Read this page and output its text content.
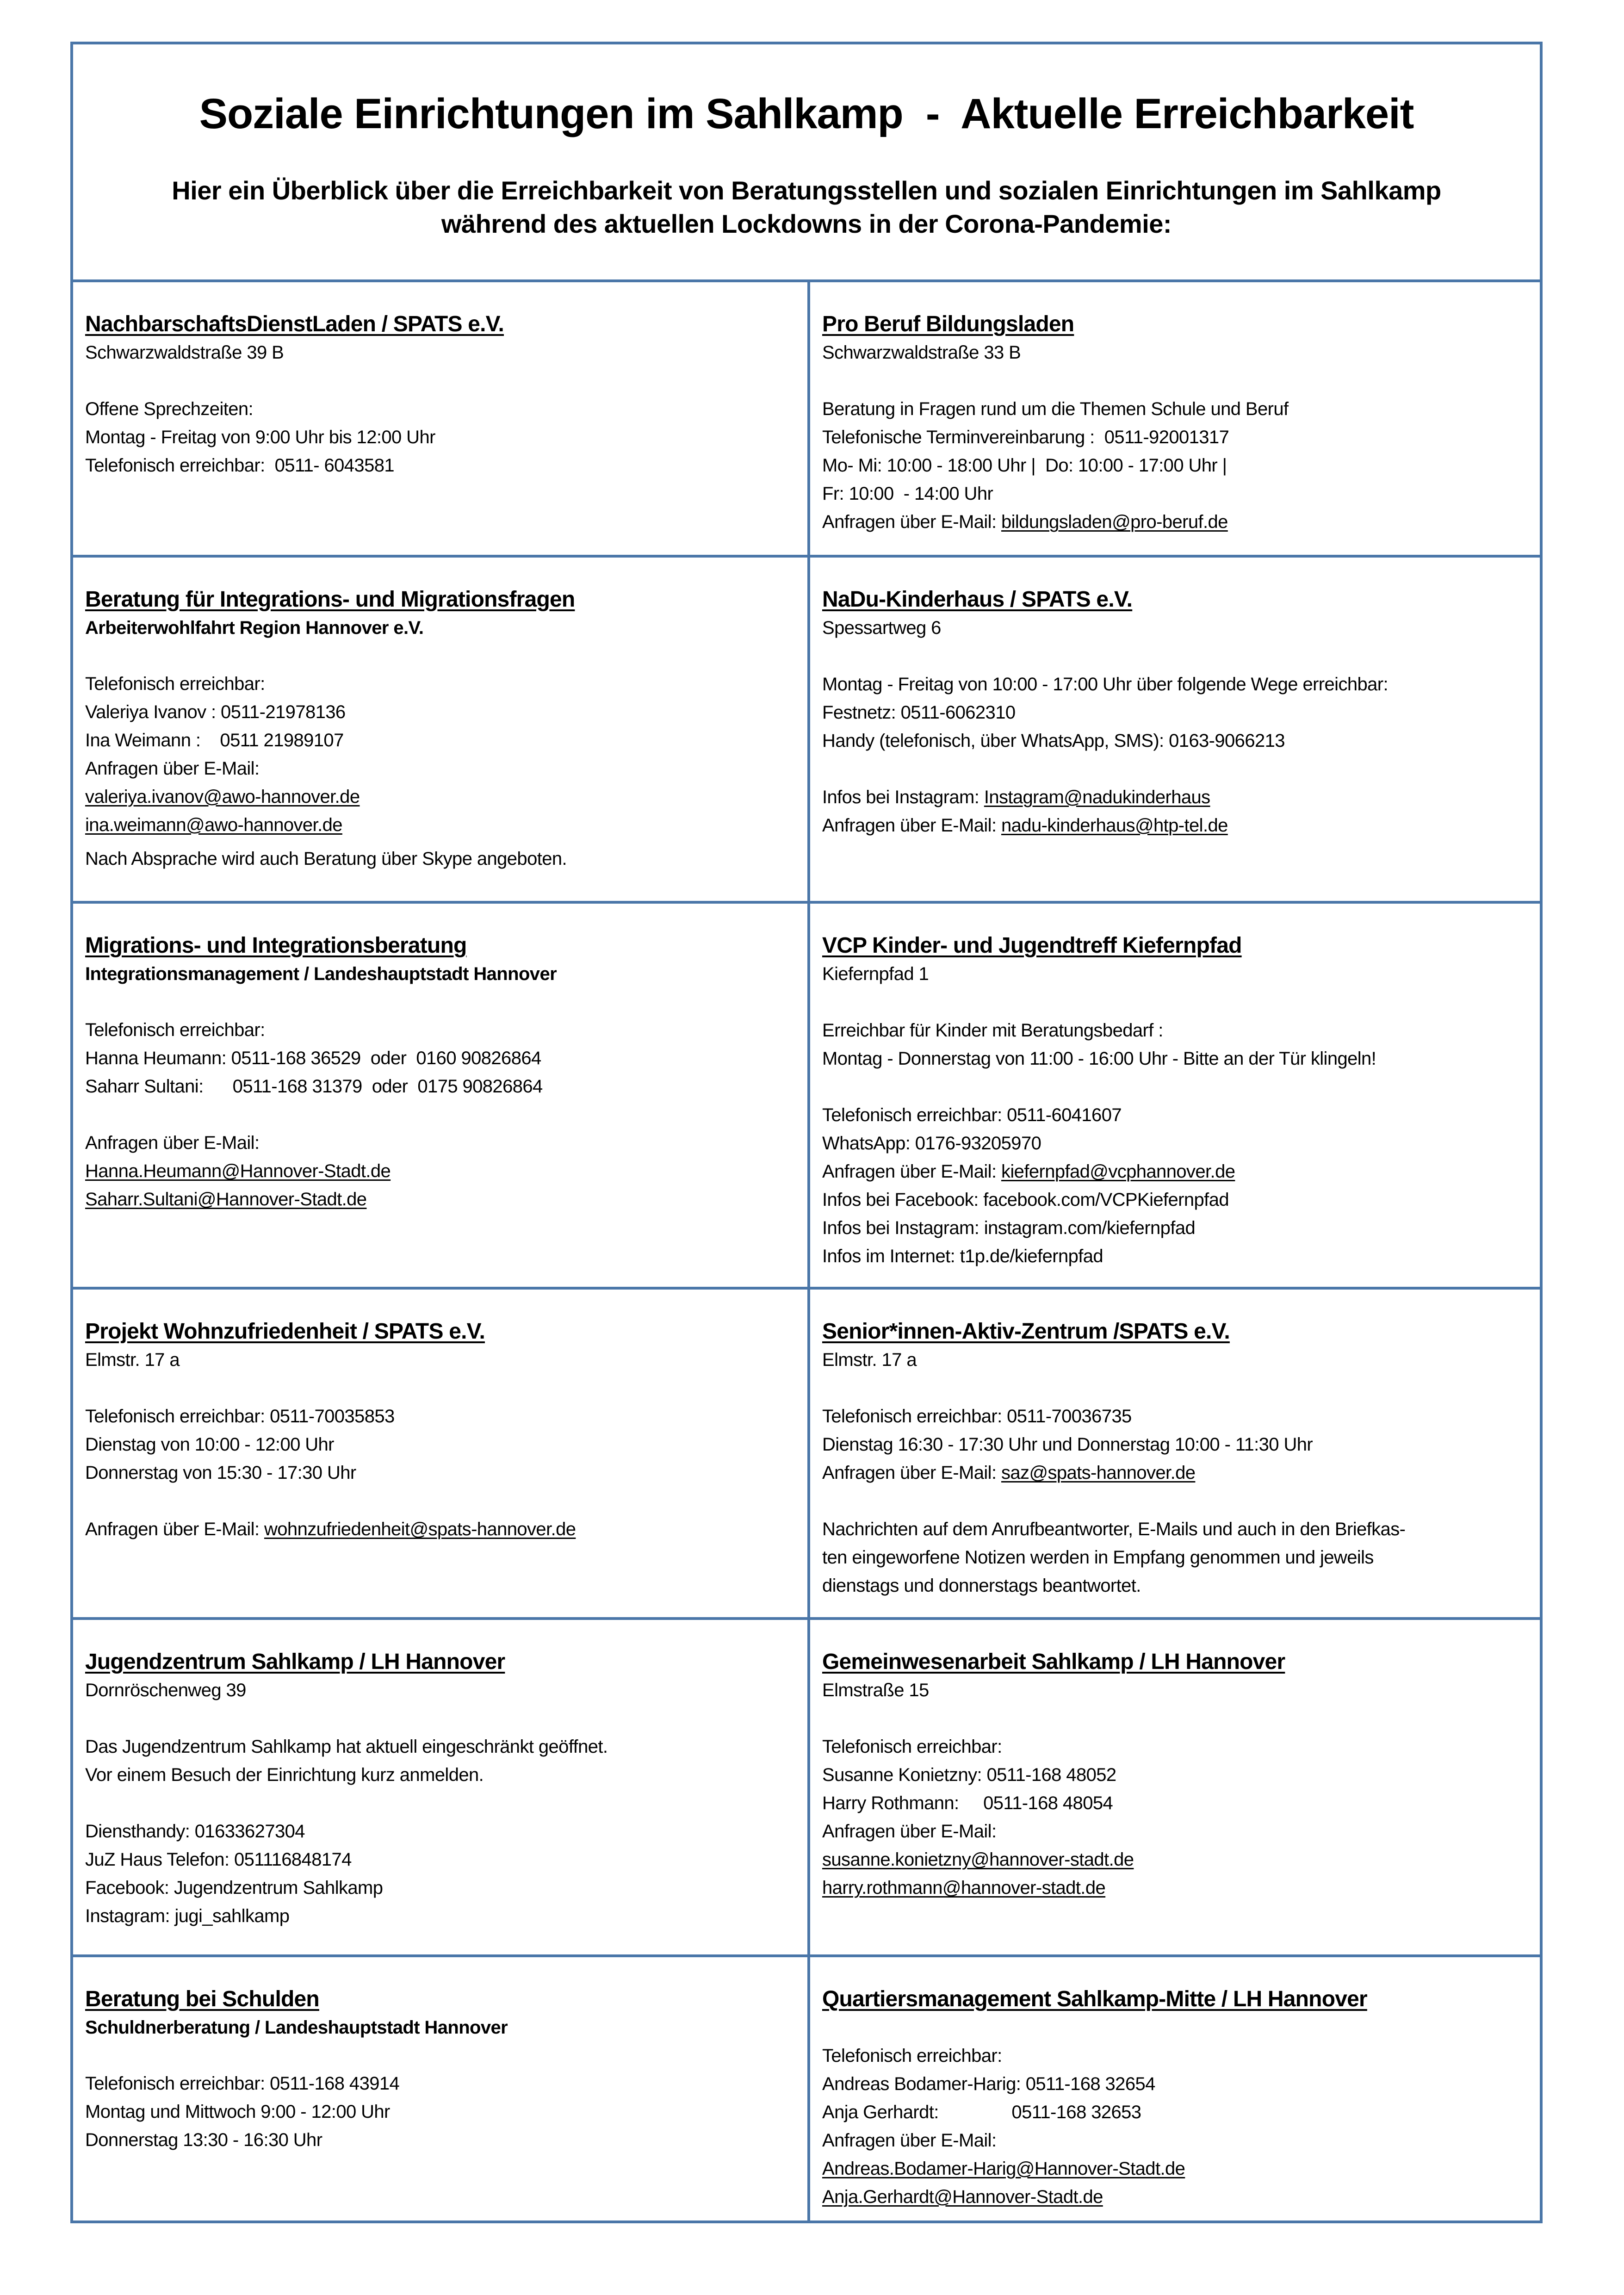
Soziale Einrichtungen im Sahlkamp  -  Aktuelle Erreichbarkeit
Hier ein Überblick über die Erreichbarkeit von Beratungsstellen und sozialen Einrichtungen im Sahlkamp
während des aktuellen Lockdowns in der Corona-Pandemie:
NachbarschaftsDienstLaden / SPATS e.V.
Schwarzwaldstraße 39 B
Offene Sprechzeiten:
Montag - Freitag von 9:00 Uhr bis 12:00 Uhr
Telefonisch erreichbar:  0511- 6043581
Pro Beruf Bildungsladen
Schwarzwaldstraße 33 B
Beratung in Fragen rund um die Themen Schule und Beruf
Telefonische Terminvereinbarung :  0511-92001317
Mo- Mi: 10:00 - 18:00 Uhr |  Do: 10:00 - 17:00 Uhr |
Fr: 10:00  - 14:00 Uhr
Anfragen über E-Mail: bildungsladen@pro-beruf.de
Beratung für Integrations- und Migrationsfragen
Arbeiterwohlfahrt Region Hannover e.V.
Telefonisch erreichbar:
Valeriya Ivanov : 0511-21978136
Ina Weimann :    0511 21989107
Anfragen über E-Mail:
valeriya.ivanov@awo-hannover.de
ina.weimann@awo-hannover.de
Nach Absprache wird auch Beratung über Skype angeboten.
NaDu-Kinderhaus / SPATS e.V.
Spessartweg 6
Montag - Freitag von 10:00 - 17:00 Uhr über folgende Wege erreichbar:
Festnetz: 0511-6062310
Handy (telefonisch, über WhatsApp, SMS): 0163-9066213
Infos bei Instagram: Instagram@nadukinderhaus
Anfragen über E-Mail: nadu-kinderhaus@htp-tel.de
Migrations- und Integrationsberatung
Integrationsmanagement / Landeshauptstadt Hannover
Telefonisch erreichbar:
Hanna Heumann: 0511-168 36529  oder  0160 90826864
Saharr Sultani:      0511-168 31379  oder  0175 90826864
Anfragen über E-Mail:
Hanna.Heumann@Hannover-Stadt.de
Saharr.Sultani@Hannover-Stadt.de
VCP Kinder- und Jugendtreff Kiefernpfad
Kiefernpfad 1
Erreichbar für Kinder mit Beratungsbedarf :
Montag - Donnerstag von 11:00 - 16:00 Uhr - Bitte an der Tür klingeln!
Telefonisch erreichbar: 0511-6041607
WhatsApp: 0176-93205970
Anfragen über E-Mail: kiefernpfad@vcphannover.de
Infos bei Facebook: facebook.com/VCPKiefernpfad
Infos bei Instagram: instagram.com/kiefernpfad
Infos im Internet: t1p.de/kiefernpfad
Projekt Wohnzufriedenheit / SPATS e.V.
Elmstr. 17 a
Telefonisch erreichbar: 0511-70035853
Dienstag von 10:00 - 12:00 Uhr
Donnerstag von 15:30 - 17:30 Uhr
Anfragen über E-Mail: wohnzufriedenheit@spats-hannover.de
Senior*innen-Aktiv-Zentrum /SPATS e.V.
Elmstr. 17 a
Telefonisch erreichbar: 0511-70036735
Dienstag 16:30 - 17:30 Uhr und Donnerstag 10:00 - 11:30 Uhr
Anfragen über E-Mail: saz@spats-hannover.de
Nachrichten auf dem Anrufbeantworter, E-Mails und auch in den Briefkas-
ten eingeworfene Notizen werden in Empfang genommen und jeweils
dienstags und donnerstags beantwortet.
Jugendzentrum Sahlkamp / LH Hannover
Dornröschenweg 39
Das Jugendzentrum Sahlkamp hat aktuell eingeschränkt geöffnet.
Vor einem Besuch der Einrichtung kurz anmelden.
Diensthandy: 01633627304
JuZ Haus Telefon: 051116848174
Facebook: Jugendzentrum Sahlkamp
Instagram: jugi_sahlkamp
Gemeinwesenarbeit Sahlkamp / LH Hannover
Elmstraße 15
Telefonisch erreichbar:
Susanne Konietzny: 0511-168 48052
Harry Rothmann:     0511-168 48054
Anfragen über E-Mail:
susanne.konietzny@hannover-stadt.de
harry.rothmann@hannover-stadt.de
Beratung bei Schulden
Schuldnerberatung / Landeshauptstadt Hannover
Telefonisch erreichbar: 0511-168 43914
Montag und Mittwoch 9:00 - 12:00 Uhr
Donnerstag 13:30 - 16:30 Uhr
Quartiersmanagement Sahlkamp-Mitte / LH Hannover
Telefonisch erreichbar:
Andreas Bodamer-Harig: 0511-168 32654
Anja Gerhardt:               0511-168 32653
Anfragen über E-Mail:
Andreas.Bodamer-Harig@Hannover-Stadt.de
Anja.Gerhardt@Hannover-Stadt.de
